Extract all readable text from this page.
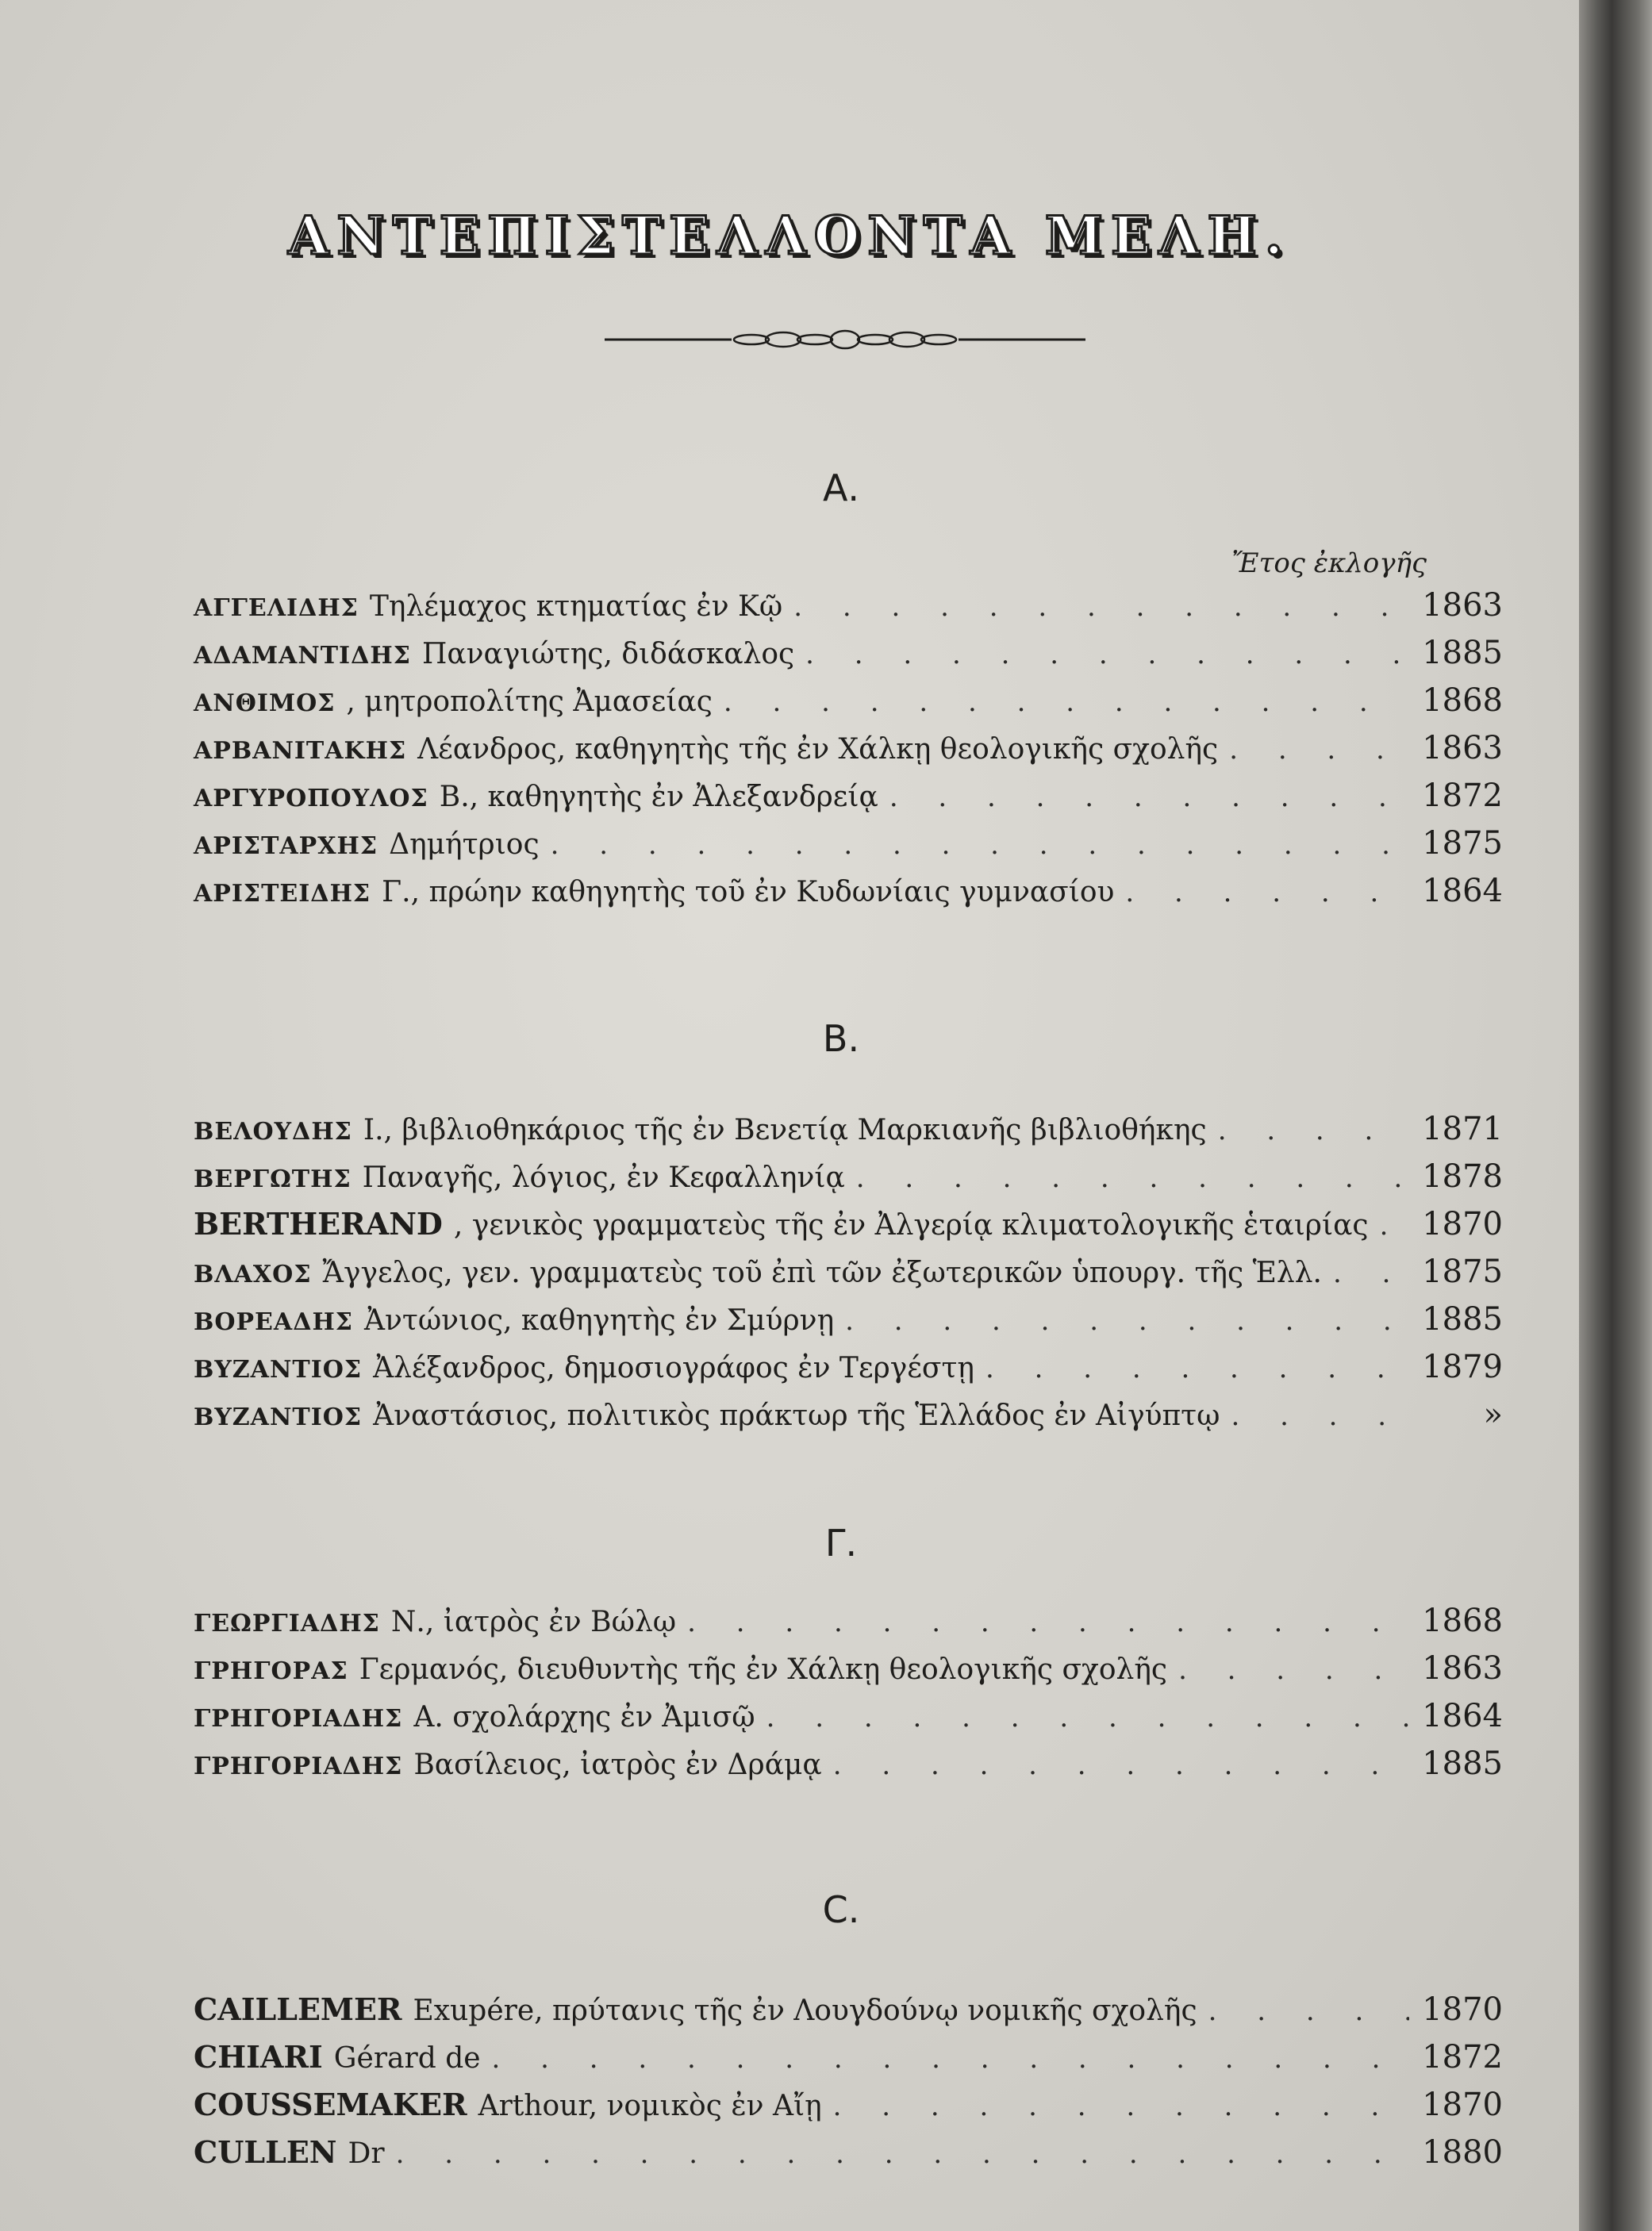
ΑΝΤΕΠΙΣΤΕΛΛΟΝΤΑ ΜΕΛΗ.
Α.
Ἔτος ἐκλογῆς
ΑΓΓΕΛΙΔΗΣ Τηλέμαχος κτηματίας ἐν Κῷ . . .	1863
ΑΔΑΜΑΝΤΙΔΗΣ Παναγιώτης, διδάσκαλος . . .	1885
ΑΝΘΙΜΟΣ , μητροπολίτης Ἀμασείας . . .	1868
ΑΡΒΑΝΙΤΑΚΗΣ Λέανδρος, καθηγητὴς τῆς ἐν Χάλκῃ θεολογικῆς σχολῆς . . .	1863
ΑΡΓΥΡΟΠΟΥΛΟΣ Β., καθηγητὴς ἐν Ἀλεξανδρείᾳ . . .	1872
ΑΡΙΣΤΑΡΧΗΣ Δημήτριος . . .	1875
ΑΡΙΣΤΕΙΔΗΣ Γ., πρώην καθηγητὴς τοῦ ἐν Κυδωνίαις γυμνασίου . . .	1864
Β.
ΒΕΛΟΥΔΗΣ Ι., βιβλιοθηκάριος τῆς ἐν Βενετίᾳ Μαρκιανῆς βιβλιοθήκης . . .	1871
ΒΕΡΓΩΤΗΣ Παναγῆς, λόγιος, ἐν Κεφαλληνίᾳ . . .	1878
BERTHERAND , γενικὸς γραμματεὺς τῆς ἐν Ἀλγερίᾳ κλιματολογικῆς ἑταιρίας . . . 1870
ΒΛΑΧΟΣ Ἄγγελος, γεν. γραμματεὺς τοῦ ἐπὶ τῶν ἐξωτερικῶν ὑπουργ. τῆς Ἑλλ. . . .	1875
ΒΟΡΕΑΔΗΣ Ἀντώνιος, καθηγητὴς ἐν Σμύρνῃ . . .	1885
ΒΥΖΑΝΤΙΟΣ Ἀλέξανδρος, δημοσιογράφος ἐν Τεργέστῃ . . .	1879
ΒΥΖΑΝΤΙΟΣ Ἀναστάσιος, πολιτικὸς πράκτωρ τῆς Ἑλλάδος ἐν Αἰγύπτῳ . . .	»
Γ.
ΓΕΩΡΓΙΑΔΗΣ Ν., ἰατρὸς ἐν Βώλῳ . . .	1868
ΓΡΗΓΟΡΑΣ Γερμανός, διευθυντὴς τῆς ἐν Χάλκῃ θεολογικῆς σχολῆς . . .	1863
ΓΡΗΓΟΡΙΑΔΗΣ Α. σχολάρχης ἐν Ἀμισῷ . . .	1864
ΓΡΗΓΟΡΙΑΔΗΣ Βασίλειος, ἰατρὸς ἐν Δράμᾳ . . .	1885
C.
CAILLEMER Exupére, πρύτανις τῆς ἐν Λουγδούνῳ νομικῆς σχολῆς . . .	1870
CHIARI Gérard de . . .	1872
COUSSEMAKER Arthour, νομικὸς ἐν Αἴῃ . . .	1870
CULLEN Dr . . .	1880
